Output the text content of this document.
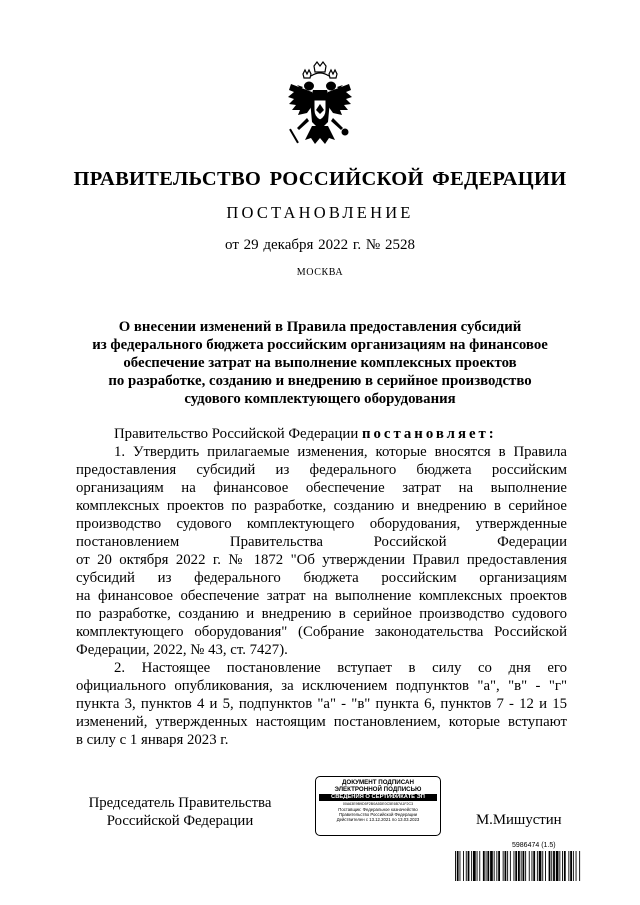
ПРАВИТЕЛЬСТВО РОССИЙСКОЙ ФЕДЕРАЦИИ
ПОСТАНОВЛЕНИЕ
от 29 декабря 2022 г. № 2528
МОСКВА
О внесении изменений в Правила предоставления субсидий
из федерального бюджета российским организациям на финансовое
обеспечение затрат на выполнение комплексных проектов
по разработке, созданию и внедрению в серийное производство
судового комплектующего оборудования
Правительство Российской Федерации постановляет:
1. Утвердить прилагаемые изменения, которые вносятся в Правила
предоставления субсидий из федерального бюджета российским
организациям на финансовое обеспечение затрат на выполнение
комплексных проектов по разработке, созданию и внедрению в серийное
производство судового комплектующего оборудования, утвержденные
постановлением Правительства Российской Федерации
от 20 октября 2022 г. № 1872 "Об утверждении Правил предоставления
субсидий из федерального бюджета российским организациям
на финансовое обеспечение затрат на выполнение комплексных проектов
по разработке, созданию и внедрению в серийное производство судового
комплектующего оборудования" (Собрание законодательства Российской
Федерации, 2022, № 43, ст. 7427).
2. Настоящее постановление вступает в силу со дня его
официального опубликования, за исключением подпунктов "а", "в" - "г"
пункта 3, пунктов 4 и 5, подпунктов "а" - "в" пункта 6, пунктов 7 - 12 и 15
изменений, утвержденных настоящим постановлением, которые вступают
в силу с 1 января 2023 г.
Председатель Правительства
Российской Федерации
ДОКУМЕНТ ПОДПИСАН
ЭЛЕКТРОННОЙ ПОДПИСЬЮ
СВЕДЕНИЯ О СЕРТИФИКАТЕ ЭП
00A63E9B9D5F2B0A5DE0C5E6B7A1F2C3
Поставщик: Федеральное казначейство
Правительство Российской Федерации
Действителен с 13.12.2021 по 13.03.2023	М.Мишустин
5986474 (1.5)
